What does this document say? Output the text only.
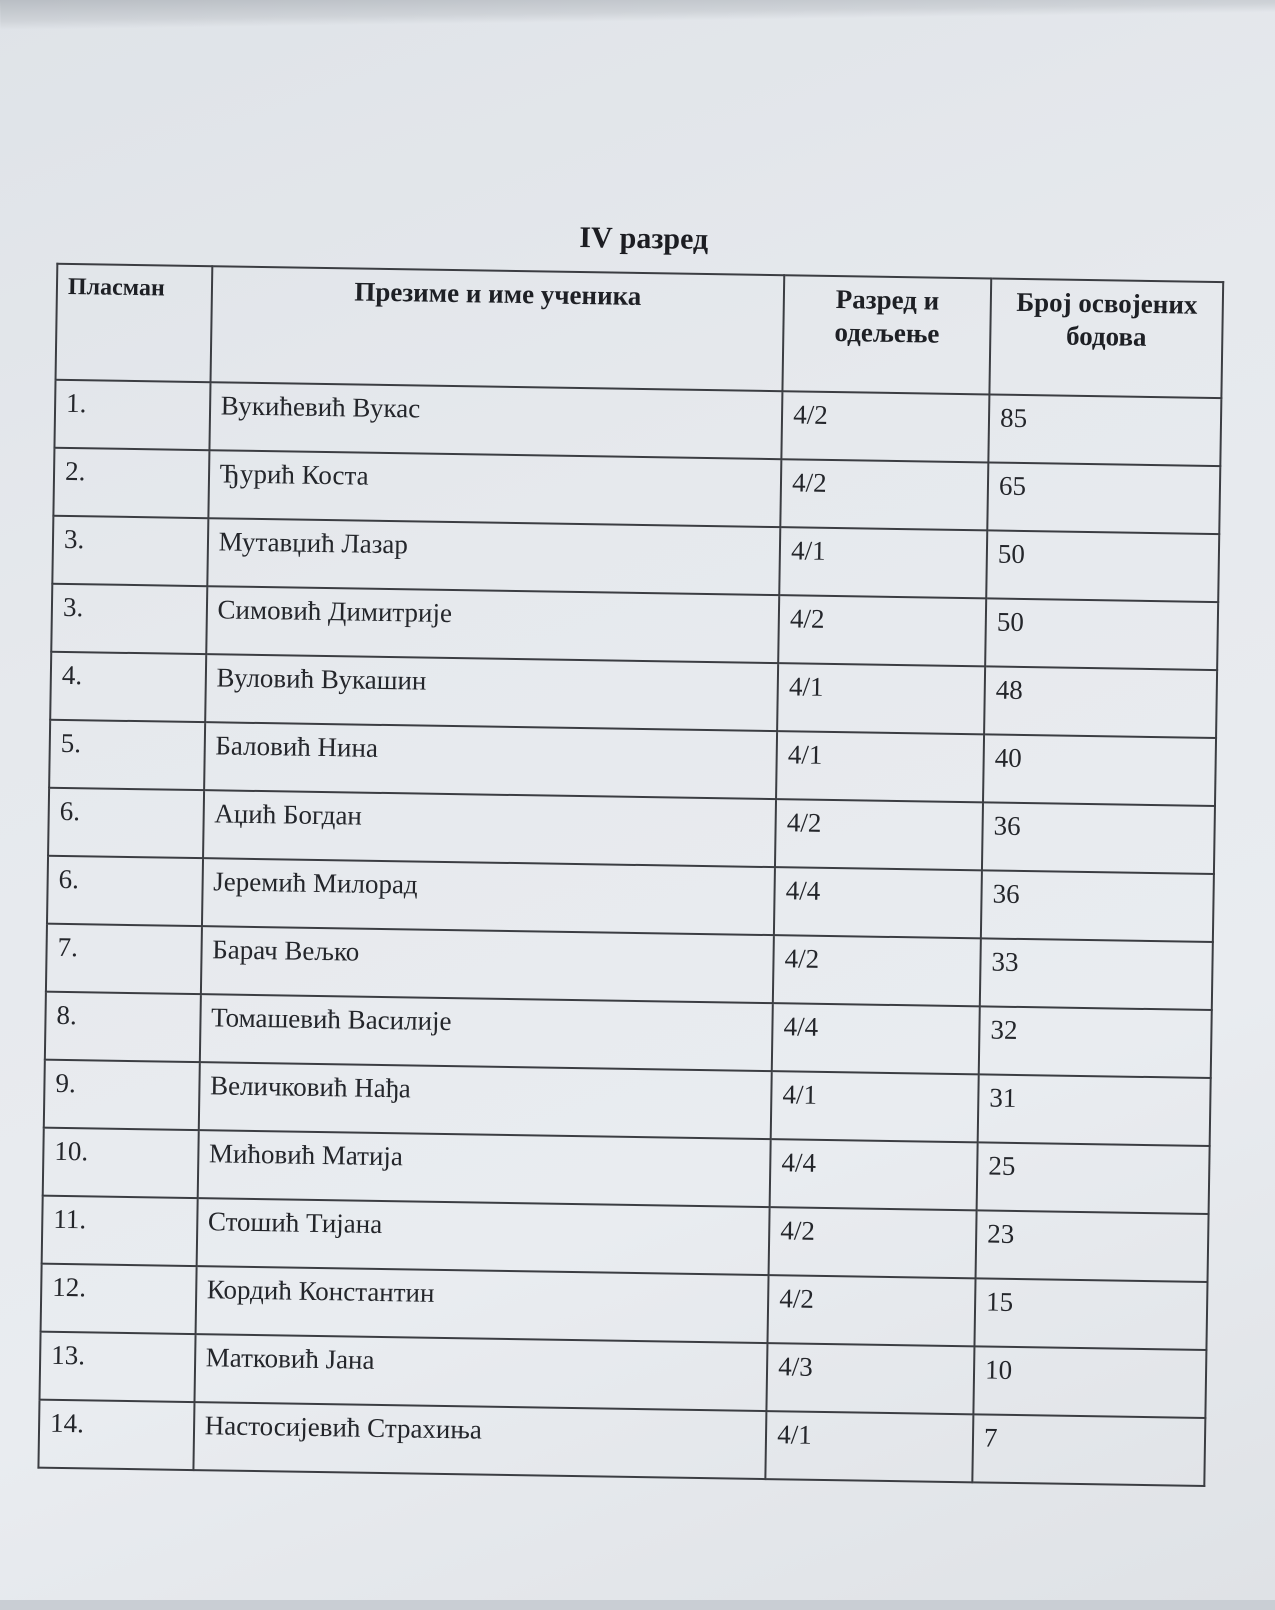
IV разред
Пласман	Презиме и име ученика	Разред и одељење	Број освојених бодова
1.	Вукићевић Вукас	4/2	85
2.	Ђурић Коста	4/2	65
3.	Мутавџић Лазар	4/1	50
3.	Симовић Димитрије	4/2	50
4.	Вуловић Вукашин	4/1	48
5.	Баловић Нина	4/1	40
6.	Аџић Богдан	4/2	36
6.	Јеремић Милорад	4/4	36
7.	Барач Вељко	4/2	33
8.	Томашевић Василије	4/4	32
9.	Величковић Нађа	4/1	31
10.	Мићовић Матија	4/4	25
11.	Стошић Тијана	4/2	23
12.	Кордић Константин	4/2	15
13.	Матковић Јана	4/3	10
14.	Настосијевић Страхиња	4/1	7
